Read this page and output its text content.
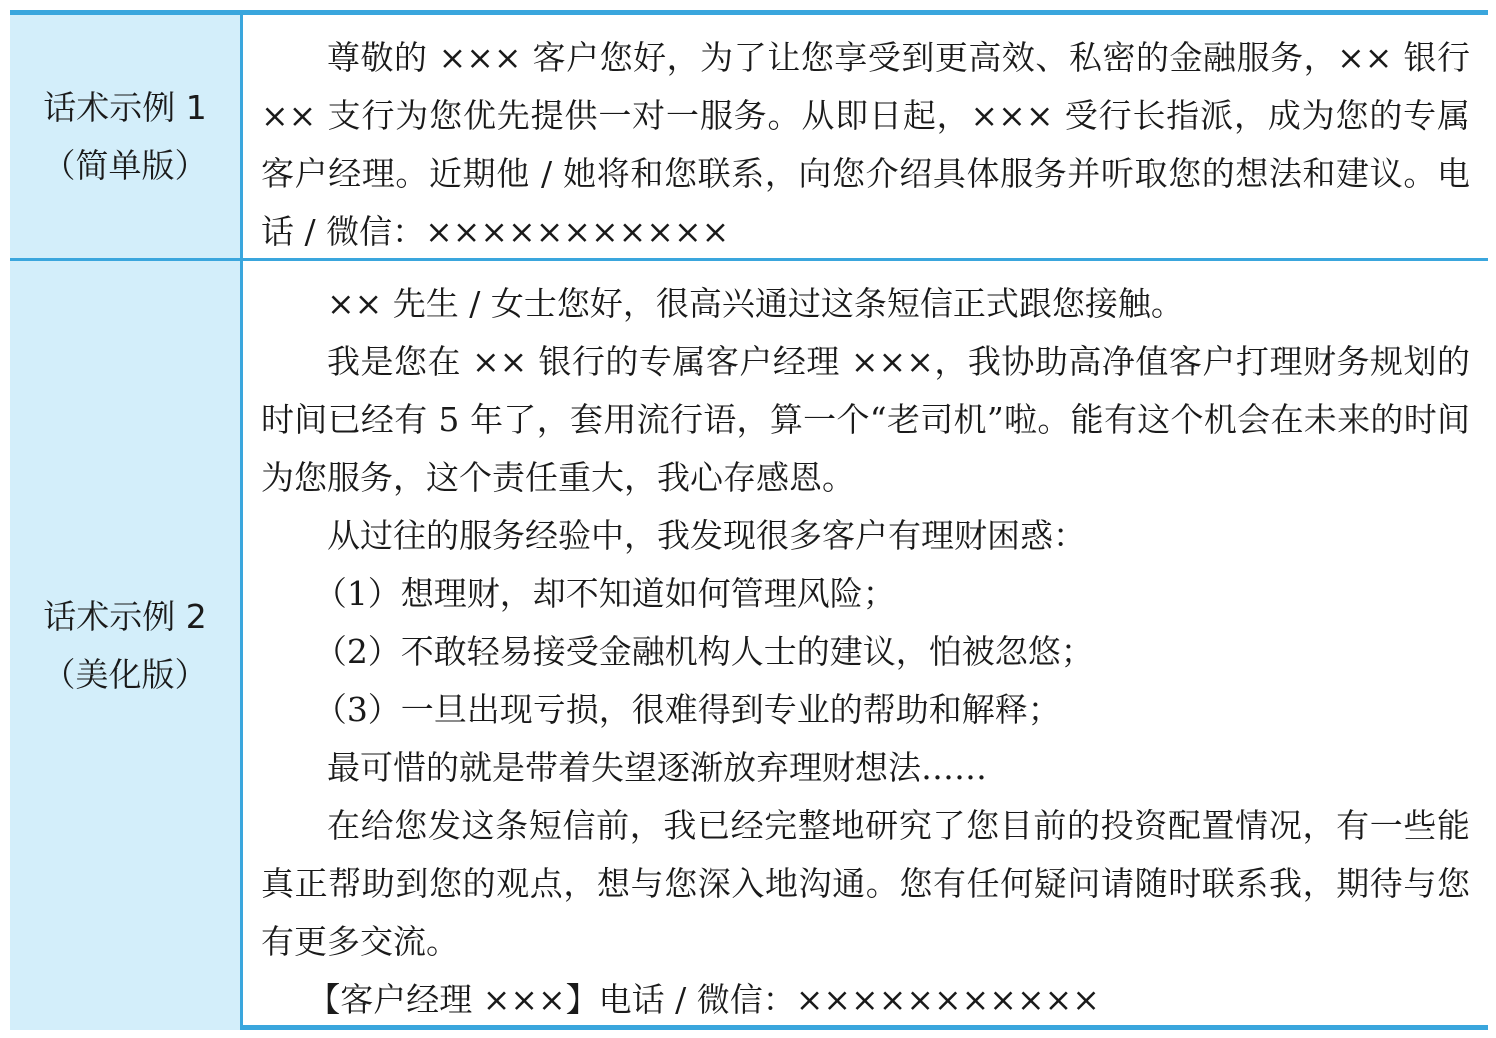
话术示例 1
（简单版）

尊敬的 ××× 客户您好，为了让您享受到更高效、私密的金融服务，×× 银行 ×× 支行为您优先提供一对一服务。从即日起，××× 受行长指派，成为您的专属客户经理。近期他 / 她将和您联系，向您介绍具体服务并听取您的想法和建议。电话 / 微信：×××××××××××

话术示例 2
（美化版）

×× 先生 / 女士您好，很高兴通过这条短信正式跟您接触。

我是您在 ×× 银行的专属客户经理 ×××，我协助高净值客户打理财务规划的时间已经有 5 年了，套用流行语，算一个“老司机”啦。能有这个机会在未来的时间为您服务，这个责任重大，我心存感恩。

从过往的服务经验中，我发现很多客户有理财困惑：

（1）想理财，却不知道如何管理风险；

（2）不敢轻易接受金融机构人士的建议，怕被忽悠；

（3）一旦出现亏损，很难得到专业的帮助和解释；

最可惜的就是带着失望逐渐放弃理财想法……

在给您发这条短信前，我已经完整地研究了您目前的投资配置情况，有一些能真正帮助到您的观点，想与您深入地沟通。您有任何疑问请随时联系我，期待与您有更多交流。

【客户经理 ×××】电话 / 微信：×××××××××××
